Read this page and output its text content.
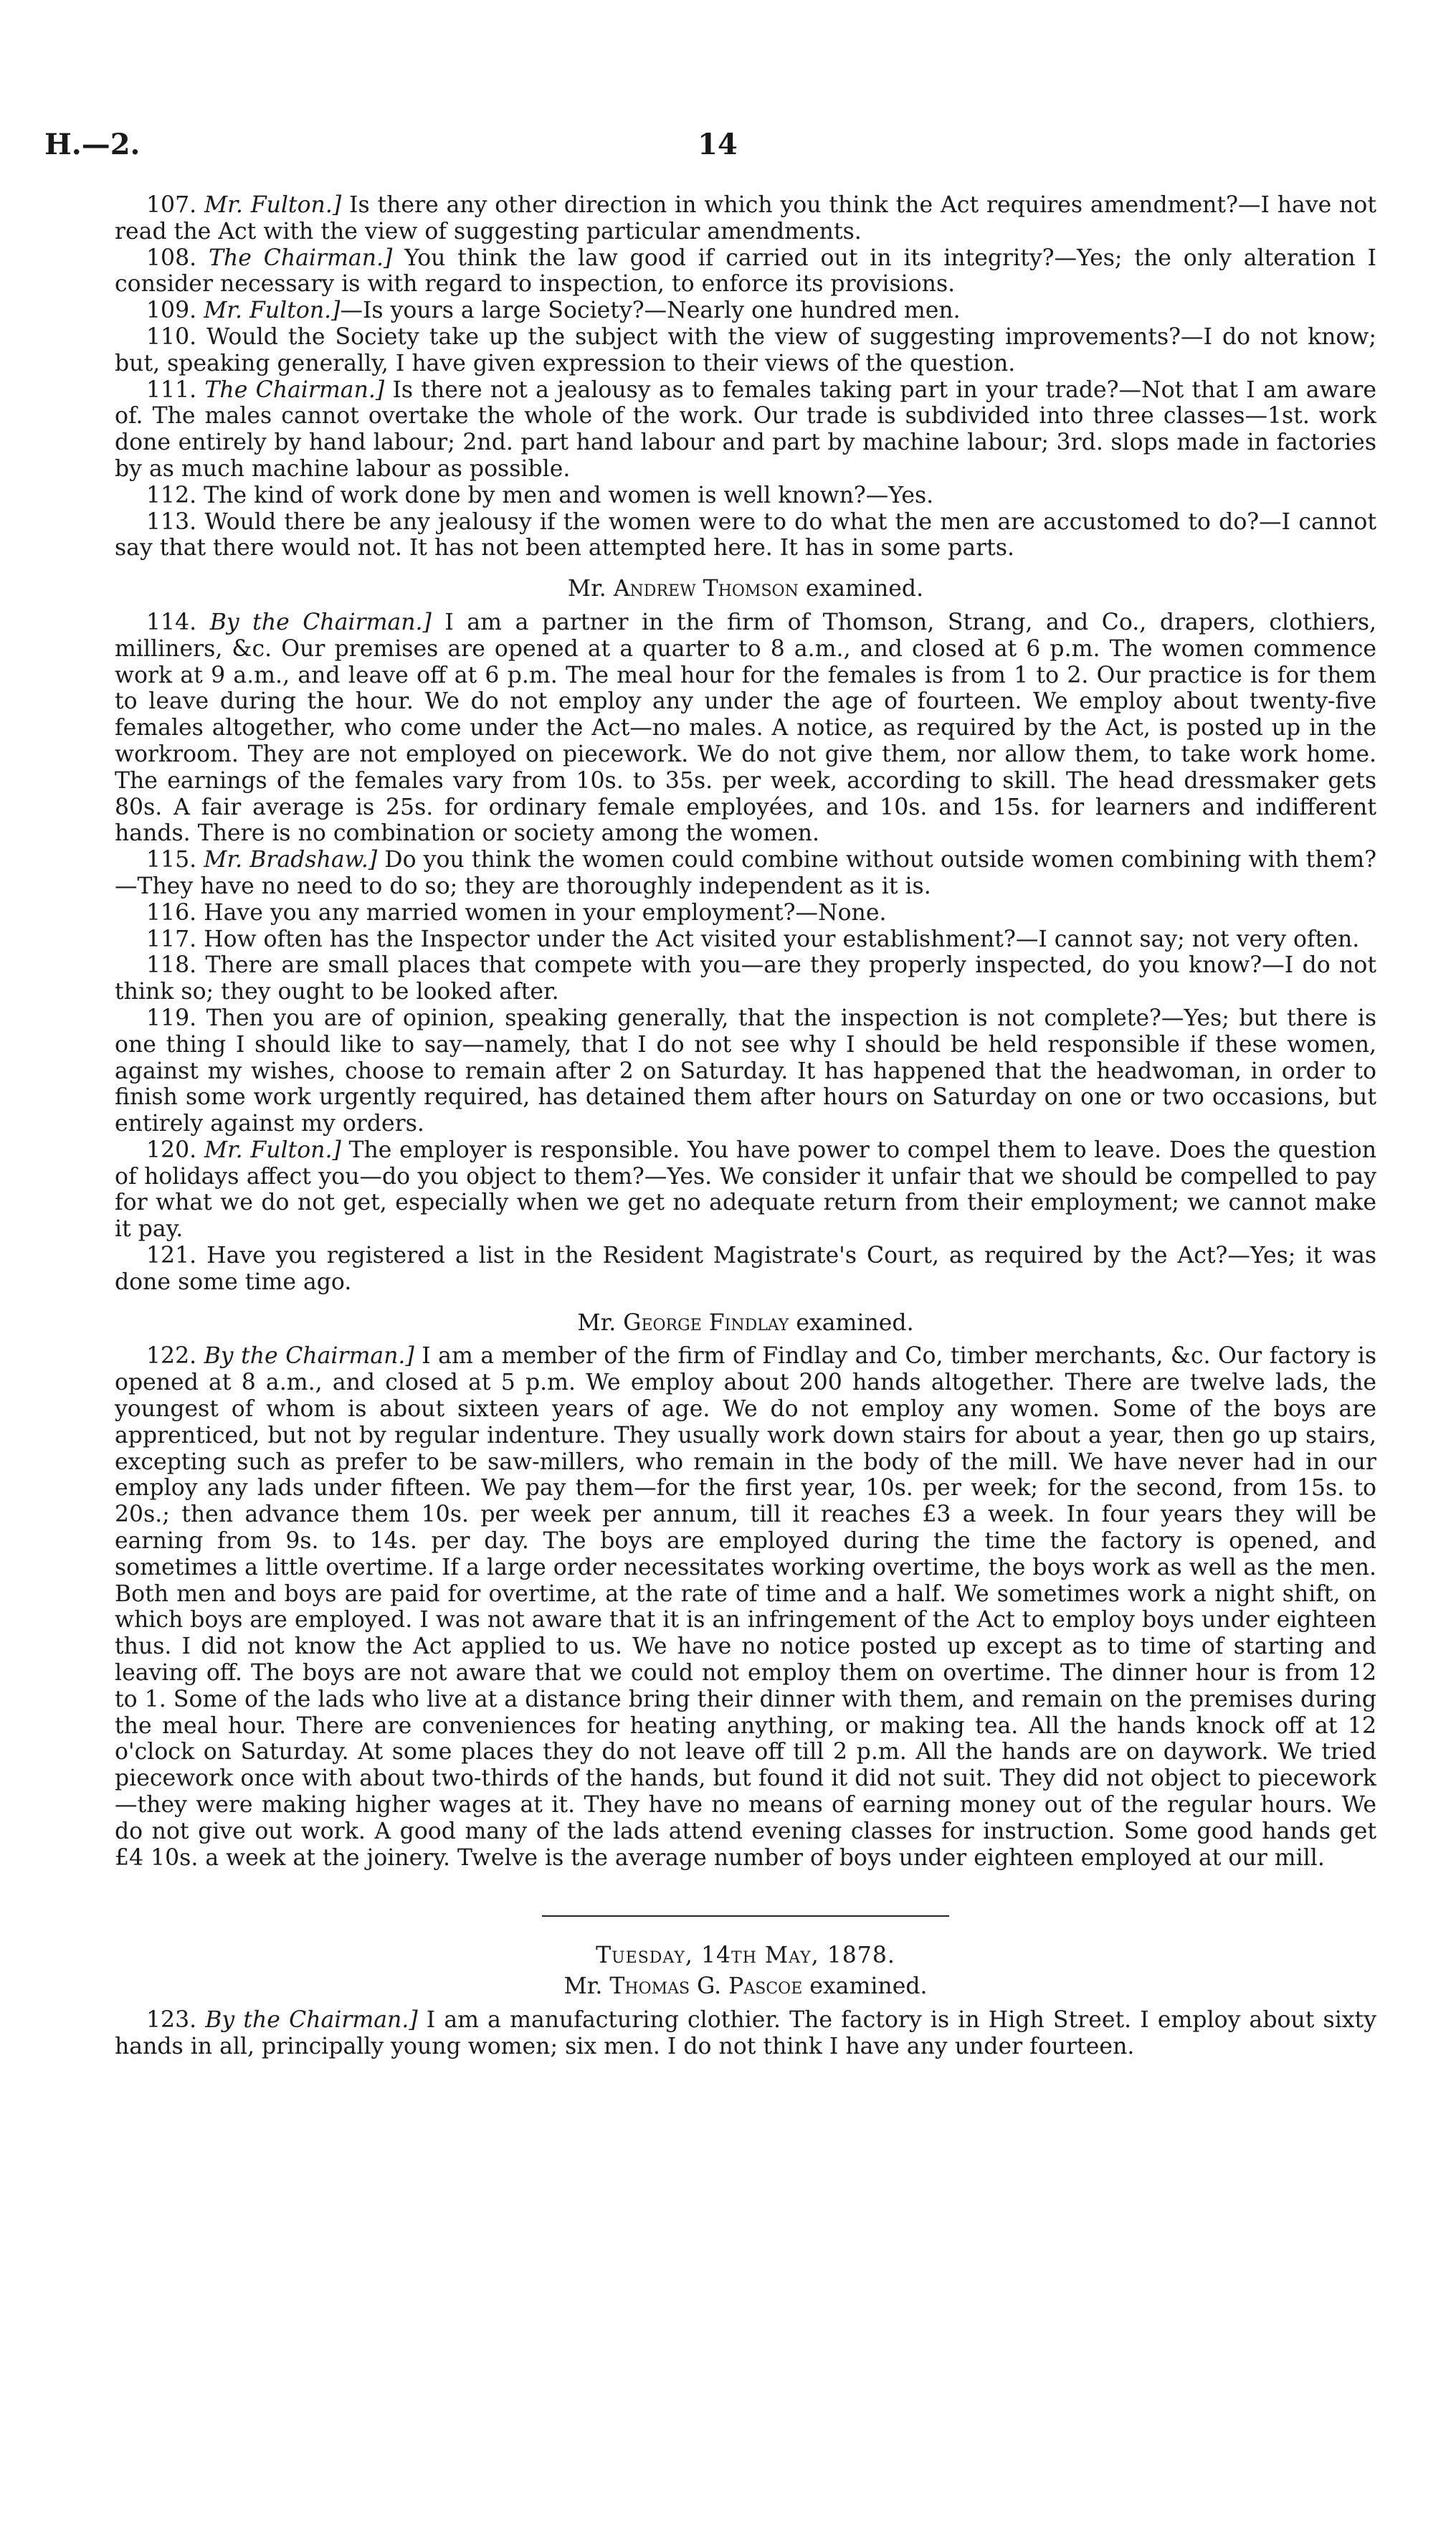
H.—2.	14

107. Mr. Fulton.] Is there any other direction in which you think the Act requires amendment?—I have not read the Act with the view of suggesting particular amendments.

108. The Chairman.] You think the law good if carried out in its integrity?—Yes; the only alteration I consider necessary is with regard to inspection, to enforce its provisions.

109. Mr. Fulton.]—Is yours a large Society?—Nearly one hundred men.

110. Would the Society take up the subject with the view of suggesting improvements?—I do not know; but, speaking generally, I have given expression to their views of the question.

111. The Chairman.] Is there not a jealousy as to females taking part in your trade?—Not that I am aware of. The males cannot overtake the whole of the work. Our trade is subdivided into three classes—1st. work done entirely by hand labour; 2nd. part hand labour and part by machine labour; 3rd. slops made in factories by as much machine labour as possible.

112. The kind of work done by men and women is well known?—Yes.

113. Would there be any jealousy if the women were to do what the men are accustomed to do?—I cannot say that there would not. It has not been attempted here. It has in some parts.

Mr. Andrew Thomson examined.

114. By the Chairman.] I am a partner in the firm of Thomson, Strang, and Co., drapers, clothiers, milliners, &c. Our premises are opened at a quarter to 8 a.m., and closed at 6 p.m. The women commence work at 9 a.m., and leave off at 6 p.m. The meal hour for the females is from 1 to 2. Our practice is for them to leave during the hour. We do not employ any under the age of fourteen. We employ about twenty-five females altogether, who come under the Act—no males. A notice, as required by the Act, is posted up in the workroom. They are not employed on piecework. We do not give them, nor allow them, to take work home. The earnings of the females vary from 10s. to 35s. per week, according to skill. The head dressmaker gets 80s. A fair average is 25s. for ordinary female employées, and 10s. and 15s. for learners and indifferent hands. There is no combination or society among the women.

115. Mr. Bradshaw.] Do you think the women could combine without outside women combining with them?—They have no need to do so; they are thoroughly independent as it is.

116. Have you any married women in your employment?—None.

117. How often has the Inspector under the Act visited your establishment?—I cannot say; not very often.

118. There are small places that compete with you—are they properly inspected, do you know?—I do not think so; they ought to be looked after.

119. Then you are of opinion, speaking generally, that the inspection is not complete?—Yes; but there is one thing I should like to say—namely, that I do not see why I should be held responsible if these women, against my wishes, choose to remain after 2 on Saturday. It has happened that the headwoman, in order to finish some work urgently required, has detained them after hours on Saturday on one or two occasions, but entirely against my orders.

120. Mr. Fulton.] The employer is responsible. You have power to compel them to leave. Does the question of holidays affect you—do you object to them?—Yes. We consider it unfair that we should be compelled to pay for what we do not get, especially when we get no adequate return from their employment; we cannot make it pay.

121. Have you registered a list in the Resident Magistrate's Court, as required by the Act?—Yes; it was done some time ago.

Mr. George Findlay examined.

122. By the Chairman.] I am a member of the firm of Findlay and Co, timber merchants, &c. Our factory is opened at 8 a.m., and closed at 5 p.m. We employ about 200 hands altogether. There are twelve lads, the youngest of whom is about sixteen years of age. We do not employ any women. Some of the boys are apprenticed, but not by regular indenture. They usually work down stairs for about a year, then go up stairs, excepting such as prefer to be saw-millers, who remain in the body of the mill. We have never had in our employ any lads under fifteen. We pay them—for the first year, 10s. per week; for the second, from 15s. to 20s.; then advance them 10s. per week per annum, till it reaches £3 a week. In four years they will be earning from 9s. to 14s. per day. The boys are employed during the time the factory is opened, and sometimes a little overtime. If a large order necessitates working overtime, the boys work as well as the men. Both men and boys are paid for overtime, at the rate of time and a half. We sometimes work a night shift, on which boys are employed. I was not aware that it is an infringement of the Act to employ boys under eighteen thus. I did not know the Act applied to us. We have no notice posted up except as to time of starting and leaving off. The boys are not aware that we could not employ them on overtime. The dinner hour is from 12 to 1. Some of the lads who live at a distance bring their dinner with them, and remain on the premises during the meal hour. There are conveniences for heating anything, or making tea. All the hands knock off at 12 o'clock on Saturday. At some places they do not leave off till 2 p.m. All the hands are on daywork. We tried piecework once with about two-thirds of the hands, but found it did not suit. They did not object to piecework—they were making higher wages at it. They have no means of earning money out of the regular hours. We do not give out work. A good many of the lads attend evening classes for instruction. Some good hands get £4 10s. a week at the joinery. Twelve is the average number of boys under eighteen employed at our mill.

Tuesday, 14th May, 1878.

Mr. Thomas G. Pascoe examined.

123. By the Chairman.] I am a manufacturing clothier. The factory is in High Street. I employ about sixty hands in all, principally young women; six men. I do not think I have any under fourteen.
